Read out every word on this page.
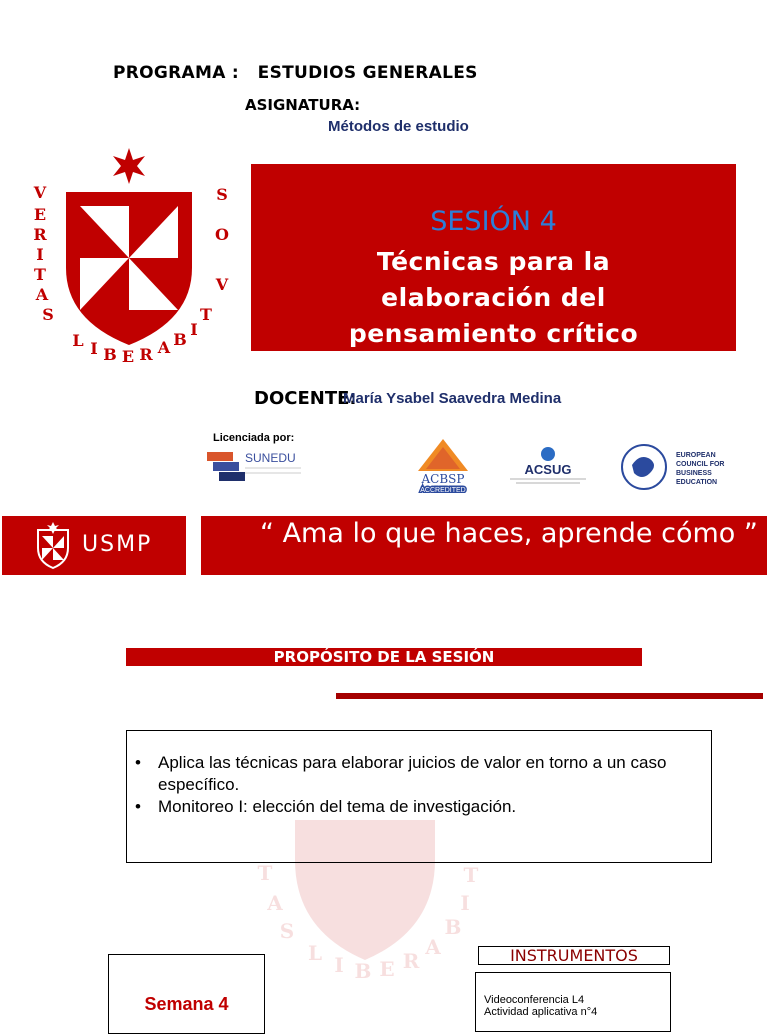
PROGRAMA : ESTUDIOS GENERALES
ASIGNATURA:
Métodos de estudio
V
E
R
I
T
A
S
L I B E R A B
I
T
V
O
S
SESIÓN 4
Técnicas para la
elaboración del
pensamiento crítico
DOCENTE:
María Ysabel Saavedra Medina
Licenciada por:
SUNEDU
ACBSP
ACCREDITED
ACSUG
EUROPEAN
COUNCIL FOR
BUSINESS
EDUCATION
USMP	“ Ama lo que haces, aprende cómo ”
PROPÓSITO DE LA SESIÓN
T
A
S
L I B E R
A
B
I
T
• Aplica las técnicas para elaborar juicios de valor en torno a un caso específico.
• Monitoreo I: elección del tema de investigación.
Semana 4
INSTRUMENTOS
Videoconferencia L4
Actividad aplicativa n°4
